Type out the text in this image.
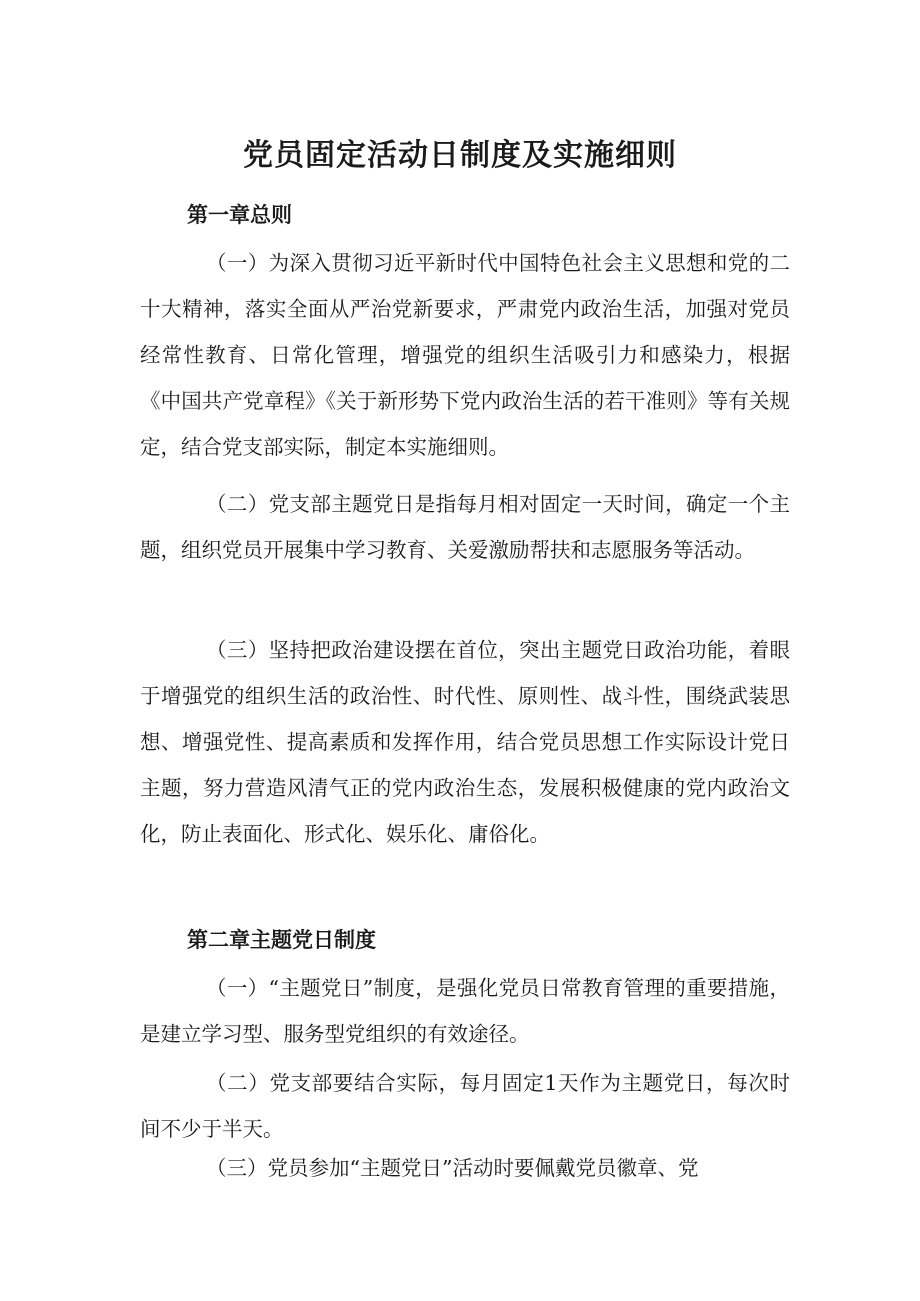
党员固定活动日制度及实施细则
第一章总则

（一）为深入贯彻习近平新时代中国特色社会主义思想和党的二十大精神，落实全面从严治党新要求，严肃党内政治生活，加强对党员经常性教育、日常化管理，增强党的组织生活吸引力和感染力，根据《中国共产党章程》《关于新形势下党内政治生活的若干准则》等有关规定，结合党支部实际，制定本实施细则。

（二）党支部主题党日是指每月相对固定一天时间，确定一个主题，组织党员开展集中学习教育、关爱激励帮扶和志愿服务等活动。

（三）坚持把政治建设摆在首位，突出主题党日政治功能，着眼于增强党的组织生活的政治性、时代性、原则性、战斗性，围绕武装思想、增强党性、提高素质和发挥作用，结合党员思想工作实际设计党日主题，努力营造风清气正的党内政治生态，发展积极健康的党内政治文化，防止表面化、形式化、娱乐化、庸俗化。

第二章主题党日制度

（一）“主题党日”制度，是强化党员日常教育管理的重要措施，是建立学习型、服务型党组织的有效途径。

（二）党支部要结合实际，每月固定1天作为主题党日，每次时间不少于半天。

（三）党员参加“主题党日”活动时要佩戴党员徽章、党
